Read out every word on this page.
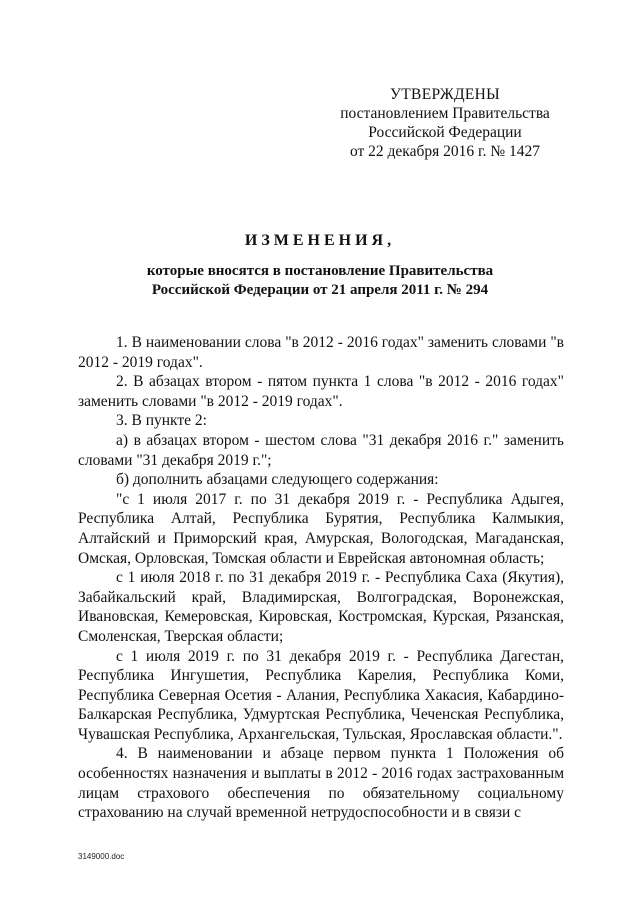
УТВЕРЖДЕНЫ
постановлением Правительства
Российской Федерации
от 22 декабря 2016 г. № 1427
ИЗМЕНЕНИЯ,
которые вносятся в постановление Правительства
Российской Федерации от 21 апреля 2011 г. № 294

1. В наименовании слова "в 2012 - 2016 годах" заменить словами "в 2012 - 2019 годах".

2. В абзацах втором - пятом пункта 1 слова "в 2012 - 2016 годах" заменить словами "в 2012 - 2019 годах".

3. В пункте 2:

а) в абзацах втором - шестом слова "31 декабря 2016 г." заменить словами "31 декабря 2019 г.";

б) дополнить абзацами следующего содержания:

"с 1 июля 2017 г. по 31 декабря 2019 г. - Республика Адыгея, Республика Алтай, Республика Бурятия, Республика Калмыкия, Алтайский и Приморский края, Амурская, Вологодская, Магаданская, Омская, Орловская, Томская области и Еврейская автономная область;

с 1 июля 2018 г. по 31 декабря 2019 г. - Республика Саха (Якутия), Забайкальский край, Владимирская, Волгоградская, Воронежская, Ивановская, Кемеровская, Кировская, Костромская, Курская, Рязанская, Смоленская, Тверская области;

с 1 июля 2019 г. по 31 декабря 2019 г. - Республика Дагестан, Республика Ингушетия, Республика Карелия, Республика Коми, Республика Северная Осетия - Алания, Республика Хакасия, Кабардино-Балкарская Республика, Удмуртская Республика, Чеченская Республика, Чувашская Республика, Архангельская, Тульская, Ярославская области.".

4. В наименовании и абзаце первом пункта 1 Положения об особенностях назначения и выплаты в 2012 - 2016 годах застрахованным лицам страхового обеспечения по обязательному социальному страхованию на случай временной нетрудоспособности и в связи с

3149000.doc
